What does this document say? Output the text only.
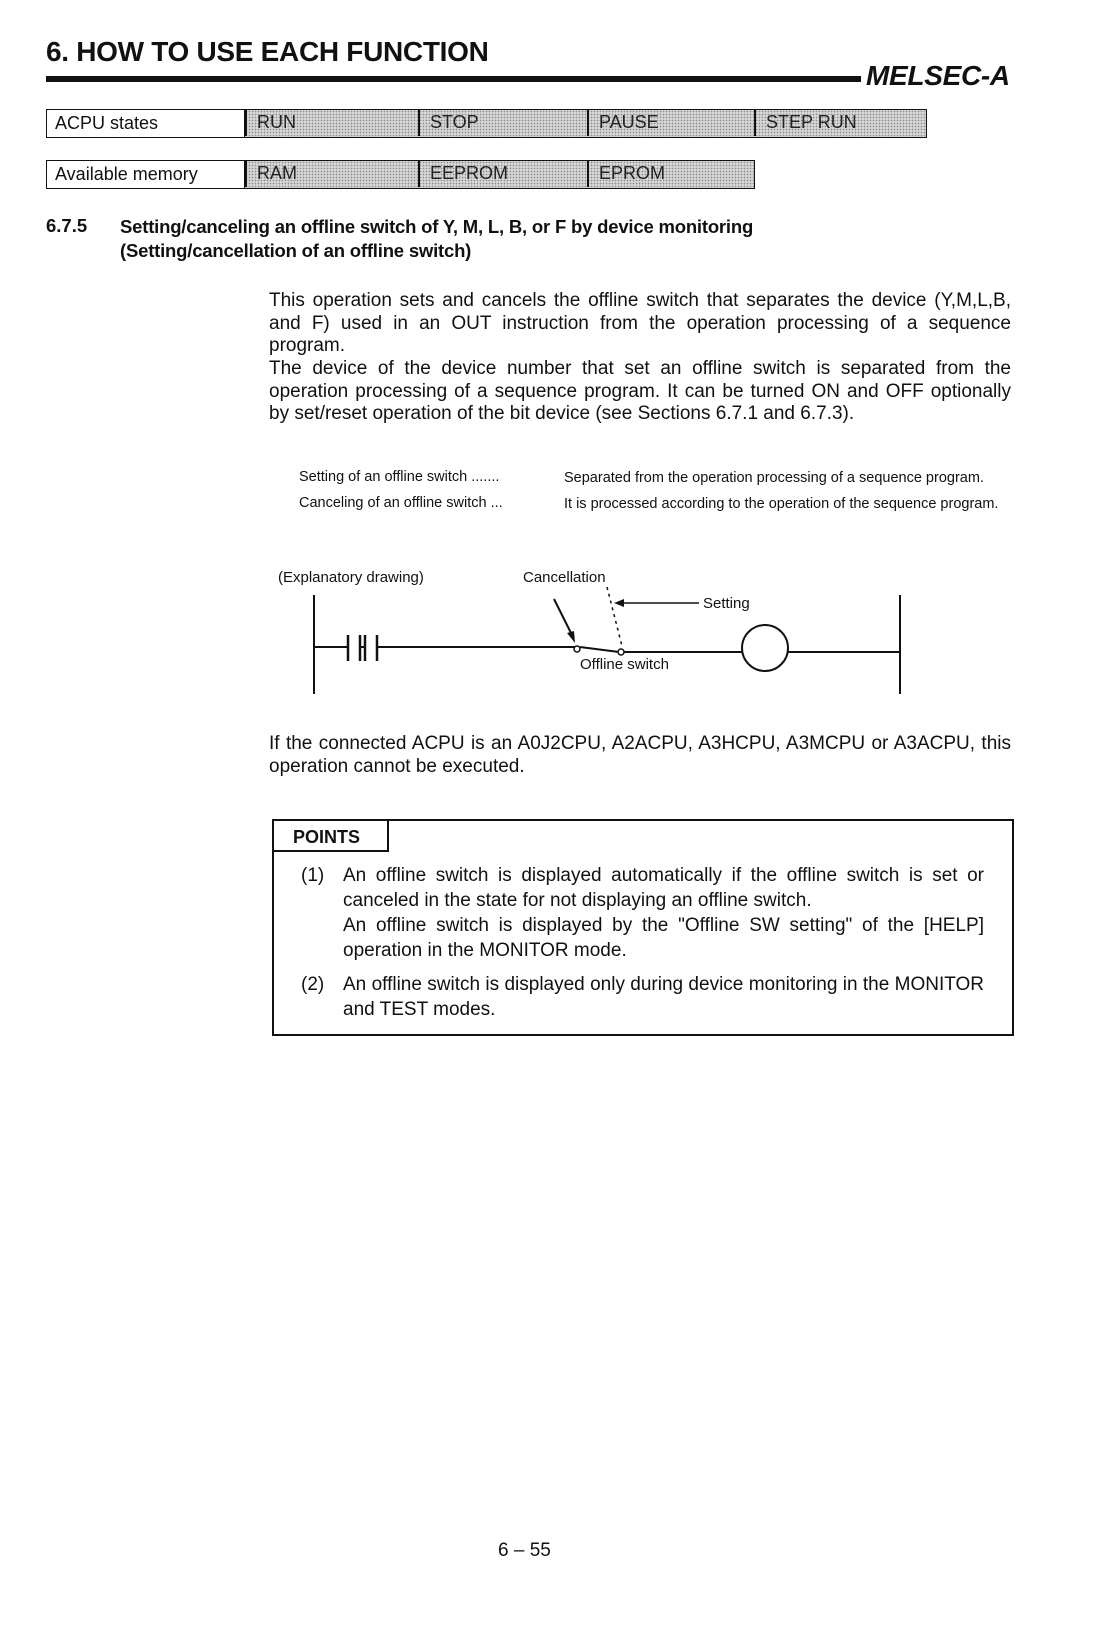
6. HOW TO USE EACH FUNCTION
MELSEC-A
ACPU states	RUN	STOP	PAUSE	STEP RUN
Available memory	RAM	EEPROM	EPROM
6.7.5 Setting/canceling an offline switch of Y, M, L, B, or F by device monitoring
(Setting/cancellation of an offline switch)
This operation sets and cancels the offline switch that separates the device (Y,M,L,B, and F) used in an OUT instruction from the operation processing of a sequence program.
The device of the device number that set an offline switch is separated from the operation processing of a sequence program. It can be turned ON and OFF optionally by set/reset operation of the bit device (see Sections 6.7.1 and 6.7.3).
Setting of an offline switch .......	Separated from the operation processing of a sequence program.
Canceling of an offline switch ...	It is processed according to the operation of the sequence program.
(Explanatory drawing)	Cancellation
Setting
Offline switch
If the connected ACPU is an A0J2CPU, A2ACPU, A3HCPU, A3MCPU or A3ACPU, this operation cannot be executed.
(1) An offline switch is displayed automatically if the offline switch is set or canceled in the state for not displaying an offline switch.
An offline switch is displayed by the "Offline SW setting" of the [HELP] operation in the MONITOR mode.
(2) An offline switch is displayed only during device monitoring in the MONITOR and TEST modes.
POINTS
6 – 55
